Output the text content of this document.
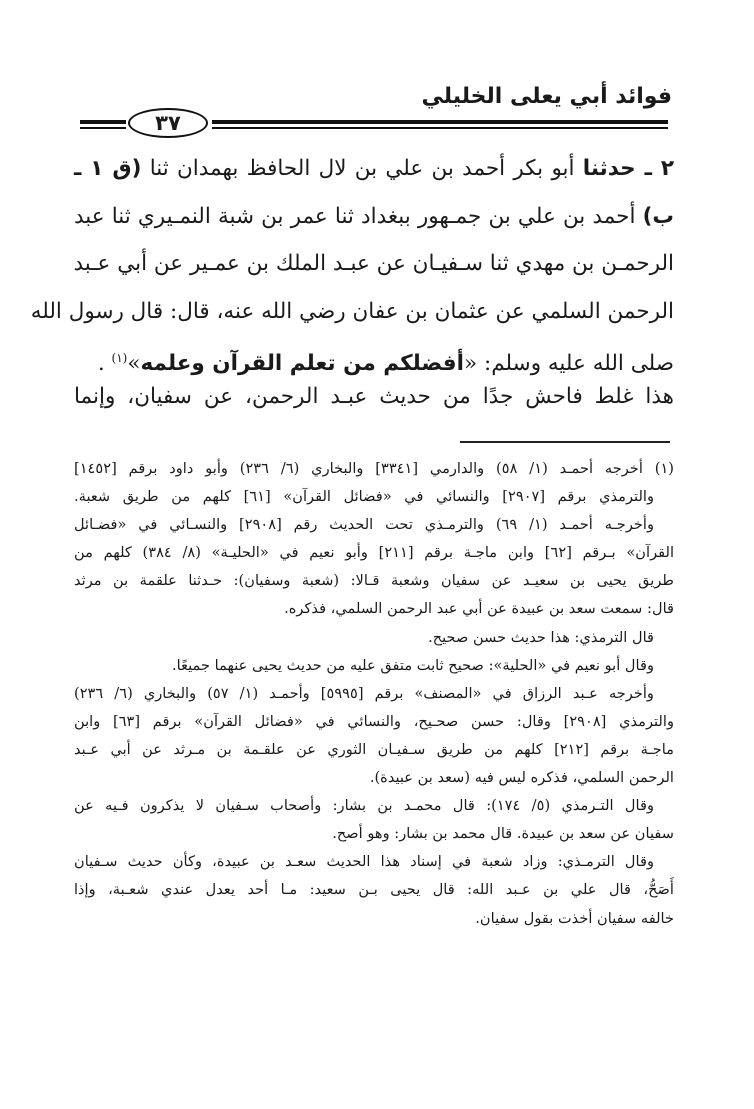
فوائد أبي يعلى الخليلي
٣٧
٢ ـ حدثنا أبو بكر أحمد بن علي بن لال الحافظ بهمدان ثنا (ق ١ ـ
ب) أحمد بن علي بن جمـهور ببغداد ثنا عمر بن شبة النمـيري ثنا عبد
الرحمـن بن مهدي ثنا سـفيـان عن عبـد الملك بن عمـير عن أبي عـبد
الرحمن السلمي عن عثمان بن عفان رضي الله عنه، قال: قال رسول الله
صلى الله عليه وسلم: «أفضلكم من تعلم القرآن وعلمه»$^{(١)}$ .
هذا غلط فاحش جدًا من حديث عبـد الرحمن، عن سفيان، وإنما
(١) أخرجه أحمـد (١/ ٥٨) والدارمي [٣٣٤١] والبخاري (٦/ ٢٣٦) وأبو داود برقم [١٤٥٢]
والترمذي برقم [٢٩٠٧] والنسائي في «فضائل القرآن» [٦١] كلهم من طريق شعبة.
وأخرجـه أحمـد (١/ ٦٩) والترمـذي تحت الحديث رقم [٢٩٠٨] والنسـائي في «فضـائل
القرآن» بـرقم [٦٢] وابن ماجـة برقم [٢١١] وأبو نعيم في «الحليـة» (٨/ ٣٨٤) كلهم من
طريق يحيى بن سعيـد عن سفيان وشعبة قـالا: (شعبة وسفيان): حـدثنا علقمة بن مرثد
قال: سمعت سعد بن عبيدة عن أبي عبد الرحمن السلمي، فذكره.
قال الترمذي: هذا حديث حسن صحيح.
وقال أبو نعيم في «الحلية»: صحيح ثابت متفق عليه من حديث يحيى عنهما جميعًا.
وأخرجه عـبد الرزاق في «المصنف» برقم [٥٩٩٥] وأحمـد (١/ ٥٧) والبخاري (٦/ ٢٣٦)
والترمذي [٢٩٠٨] وقال: حسن صحـيح، والنسائي في «فضائل القرآن» برقم [٦٣] وابن
ماجـة برقم [٢١٢] كلهم من طريق سـفيـان الثوري عن علقـمة بن مـرثد عن أبي عـبد
الرحمن السلمي، فذكره ليس فيه (سعد بن عبيدة).
وقال التـرمذي (٥/ ١٧٤): قال محمـد بن بشار: وأصحاب سـفيان لا يذكرون فـيه عن
سفيان عن سعد بن عبيدة. قال محمد بن بشار: وهو أصح.
وقال الترمـذي: وزاد شعبة في إسناد هذا الحديث سعـد بن عبيدة، وكأن حديث سـفيان
أَصَحُّ، قال علي بن عـبد الله: قال يحيى بـن سعيد: مـا أحد يعدل عندي شعـبة، وإذا
خالفه سفيان أخذت بقول سفيان.
